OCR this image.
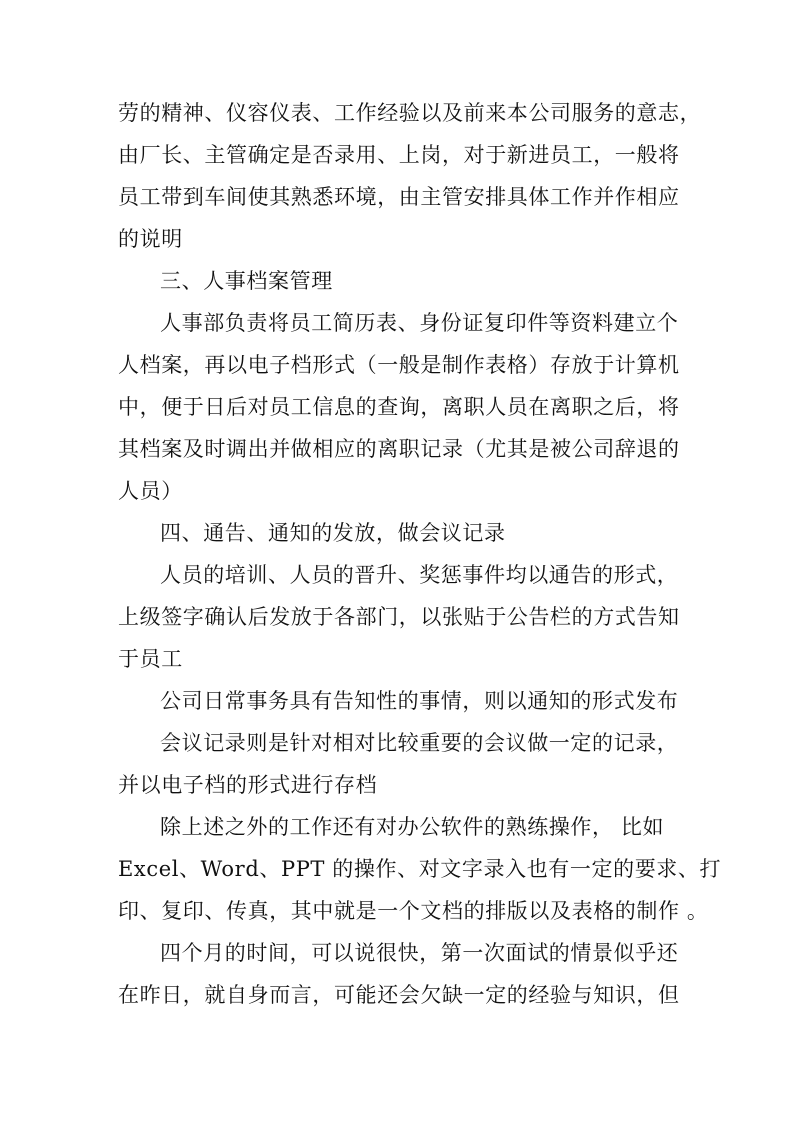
劳的精神、仪容仪表、工作经验以及前来本公司服务的意志，
由厂长、主管确定是否录用、上岗，对于新进员工，一般将
员工带到车间使其熟悉环境，由主管安排具体工作并作相应
的说明
三、人事档案管理
人事部负责将员工简历表、身份证复印件等资料建立个
人档案，再以电子档形式（一般是制作表格）存放于计算机
中，便于日后对员工信息的查询，离职人员在离职之后，将
其档案及时调出并做相应的离职记录（尤其是被公司辞退的
人员）
四、通告、通知的发放，做会议记录
人员的培训、人员的晋升、奖惩事件均以通告的形式，
上级签字确认后发放于各部门，以张贴于公告栏的方式告知
于员工
公司日常事务具有告知性的事情，则以通知的形式发布
会议记录则是针对相对比较重要的会议做一定的记录，
并以电子档的形式进行存档
除上述之外的工作还有对办公软件的熟练操作， 比如
Excel、Word、PPT 的操作、对文字录入也有一定的要求、打
印、复印、传真，其中就是一个文档的排版以及表格的制作 。
四个月的时间，可以说很快，第一次面试的情景似乎还
在昨日，就自身而言，可能还会欠缺一定的经验与知识，但
